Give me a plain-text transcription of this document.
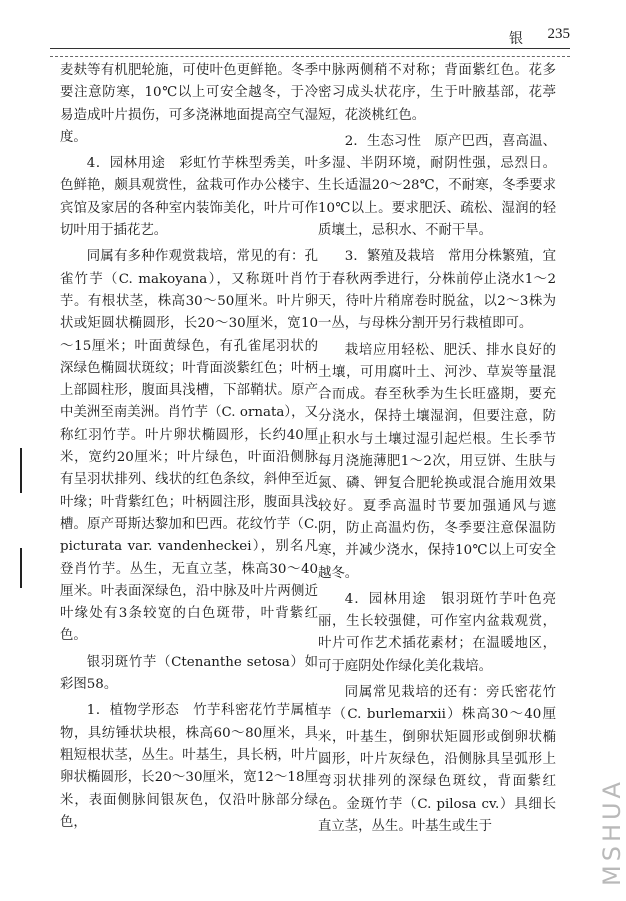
银 235

麦麸等有机肥轮施，可使叶色更鲜艳。冬季要注意防寒，10℃以上可安全越冬，于冷易造成叶片损伤，可多浇淋地面提高空气湿度。

4．园林用途　彩虹竹芋株型秀美，叶色鲜艳，颇具观赏性，盆栽可作办公楼宇、宾馆及家居的各种室内装饰美化，叶片可作切叶用于插花艺。

同属有多种作观赏栽培，常见的有：孔雀竹芋（C. makoyana），又称斑叶肖竹芋。有根状茎，株高30～50厘米。叶片卵状或矩圆状椭圆形，长20～30厘米，宽10～15厘米；叶面黄绿色，有孔雀尾羽状的深绿色椭圆状斑纹；叶背面淡紫红色；叶柄上部圆柱形，腹面具浅槽，下部鞘状。原产中美洲至南美洲。肖竹芋（C. ornata），又称红羽竹芋。叶片卵状椭圆形，长约40厘米，宽约20厘米；叶片绿色，叶面沿侧脉有呈羽状排列、线状的红色条纹，斜伸至近叶缘；叶背紫红色；叶柄圆注形，腹面具浅槽。原产哥斯达黎加和巴西。花纹竹芋（C. picturata var. vandenheckei），别名凡登肖竹芋。丛生，无直立茎，株高30～40厘米。叶表面深绿色，沿中脉及叶片两侧近叶缘处有3条较宽的白色斑带，叶背紫红色。

银羽斑竹芋（Ctenanthe setosa）如彩图58。

1．植物学形态　竹芋科密花竹芋属植物，具纺锤状块根，株高60～80厘米，具粗短根状茎，丛生。叶基生，具长柄，叶片卵状椭圆形，长20～30厘米，宽12～18厘米，表面侧脉间银灰色，仅沿叶脉部分绿色，

中脉两侧稍不对称；背面紫红色。花多密习成头状花序，生于叶腋基部，花葶短，花淡桃红色。

2．生态习性　原产巴西，喜高温、多湿、半阴环境，耐阴性强，忌烈日。生长适温20～28℃，不耐寒，冬季要求10℃以上。要求肥沃、疏松、湿润的轻质壤土，忌积水、不耐干旱。

3．繁殖及栽培　常用分株繁殖，宜于春秋两季进行，分株前停止浇水1～2天，待叶片稍席卷时脱盆，以2～3株为一丛，与母株分割开另行栽植即可。

栽培应用轻松、肥沃、排水良好的土壤，可用腐叶土、河沙、草炭等量混合而成。春至秋季为生长旺盛期，要充分浇水，保持土壤湿润，但要注意，防止积水与土壤过湿引起烂根。生长季节每月浇施薄肥1～2次，用豆饼、生肤与氮、磷、钾复合肥轮换或混合施用效果较好。夏季高温时节要加强通风与遮阴，防止高温灼伤，冬季要注意保温防寒，并减少浇水，保持10℃以上可安全越冬。

4．园林用途　银羽斑竹芋叶色亮丽，生长较强健，可作室内盆栽观赏，叶片可作艺术插花素材；在温暖地区，可于庭阴处作绿化美化栽培。

同属常见栽培的还有：旁氏密花竹芋（C. burlemarxii）株高30～40厘米，叶基生，倒卵状矩圆形或倒卵状椭圆形，叶片灰绿色，沿侧脉具呈弧形上弯羽状排列的深绿色斑纹，背面紫红色。金斑竹芋（C. pilosa cv.）具细长直立茎，丛生。叶基生或生于	MSHUA
